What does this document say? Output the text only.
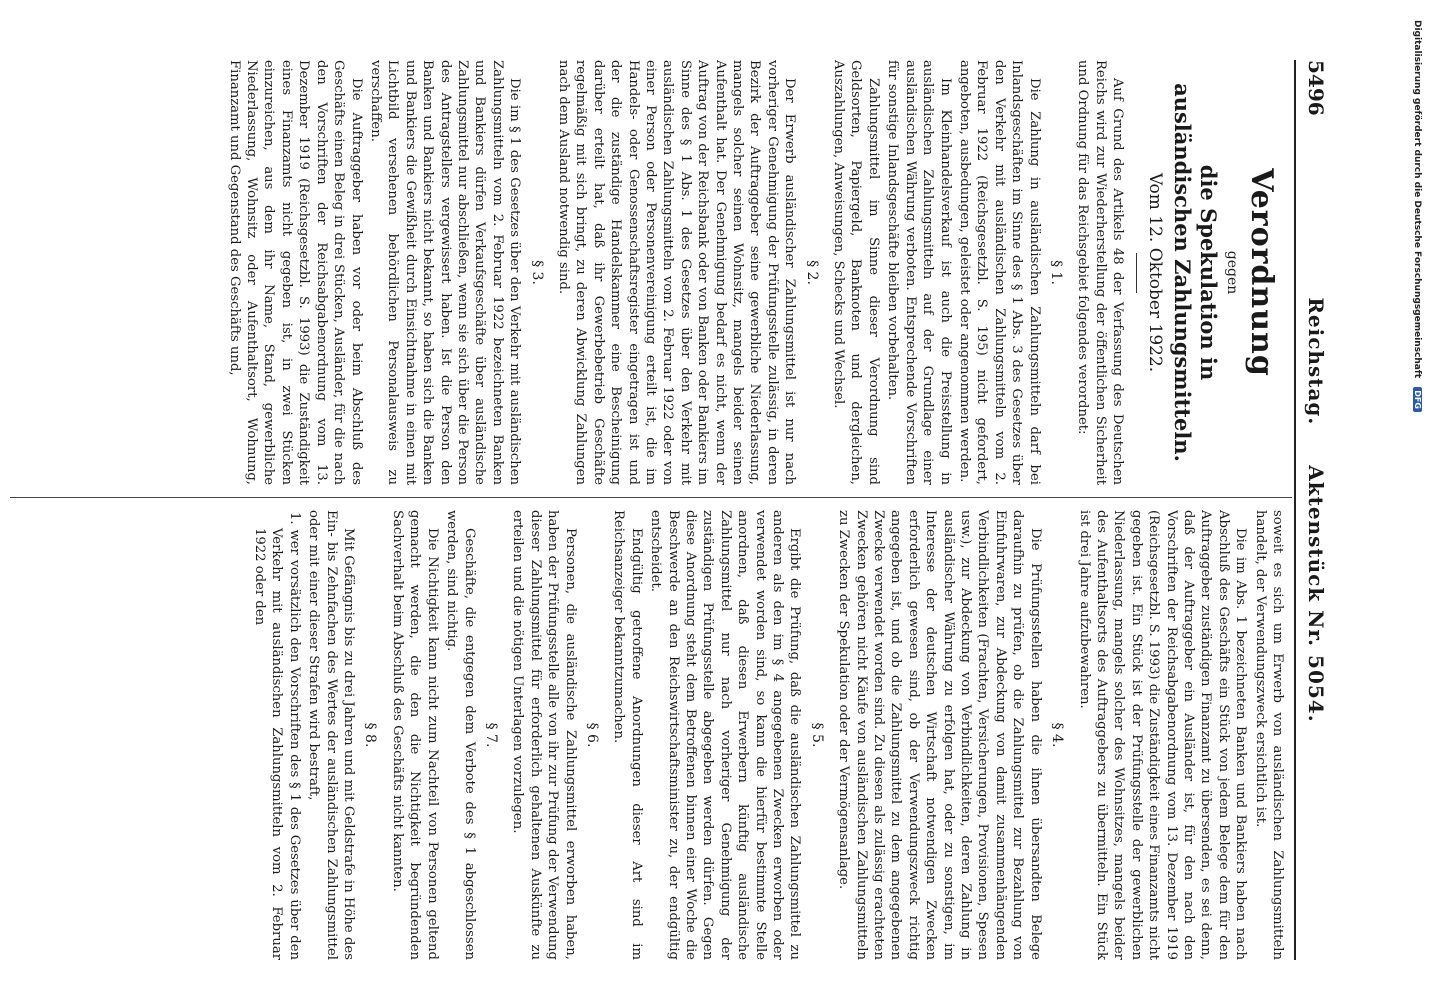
5496
Reichstag.     Aktenstück Nr. 5054.
Verordnung
gegen
die Spekulation in ausländischen Zahlungsmitteln.
Vom 12. Oktober 1922.

Auf Grund des Artikels 48 der Verfassung des Deutschen Reichs wird zur Wiederherstellung der öffentlichen Sicherheit und Ordnung für das Reichsgebiet folgendes verordnet:

§ 1.

Die Zahlung in ausländischen Zahlungsmitteln darf bei Inlandsgeschäften im Sinne des § 1 Abs. 3 des Gesetzes über den Verkehr mit ausländischen Zahlungsmitteln vom 2. Februar 1922 (Reichsgesetzbl. S. 195) nicht gefordert, angeboten, ausbedungen, geleistet oder angenommen werden.

Im Kleinhandelsverkauf ist auch die Preisstellung in ausländischen Zahlungsmitteln auf der Grundlage einer ausländischen Währung verboten. Entsprechende Vorschriften für sonstige Inlandsgeschäfte bleiben vorbehalten.

Zahlungsmittel im Sinne dieser Verordnung sind Geldsorten, Papiergeld, Banknoten und dergleichen, Auszahlungen, Anweisungen, Schecks und Wechsel.

§ 2.

Der Erwerb ausländischer Zahlungsmittel ist nur nach vorheriger Genehmigung der Prüfungsstelle zulässig, in deren Bezirk der Auftraggeber seine gewerbliche Niederlassung, mangels solcher seinen Wohnsitz, mangels beider seinen Aufenthalt hat. Der Genehmigung bedarf es nicht, wenn der Auftrag von der Reichsbank oder von Banken oder Bankiers im Sinne des § 1 Abs. 1 des Gesetzes über den Verkehr mit ausländischen Zahlungsmitteln vom 2. Februar 1922 oder von einer Person oder Personenvereinigung erteilt ist, die im Handels- oder Genossenschaftsregister eingetragen ist und der die zuständige Handelskammer eine Bescheinigung darüber erteilt hat, daß ihr Gewerbebetrieb Geschäfte regelmäßig mit sich bringt, zu deren Abwicklung Zahlungen nach dem Ausland notwendig sind.

§ 3.

Die im § 1 des Gesetzes über den Verkehr mit ausländischen Zahlungsmitteln vom 2. Februar 1922 bezeichneten Banken und Bankiers dürfen Verkaufsgeschäfte über ausländische Zahlungsmittel nur abschließen, wenn sie sich über die Person des Antragstellers vergewissert haben. Ist die Person den Banken und Bankiers nicht bekannt, so haben sich die Banken und Bankiers die Gewißheit durch Einsichtnahme in einen mit Lichtbild versehenen behördlichen Personalausweis zu verschaffen.

Die Auftraggeber haben vor oder beim Abschluß des Geschäfts einen Beleg in drei Stücken, Ausländer, für die nach den Vorschriften der Reichsabgabenordnung vom 13. Dezember 1919 (Reichsgesetzbl. S. 1993) die Zuständigkeit eines Finanzamts nicht gegeben ist, in zwei Stücken einzureichen, aus dem ihr Name, Stand, gewerbliche Niederlassung, Wohnsitz oder Aufenthaltsort, Wohnung, Finanzamt und Gegenstand des Geschäfts und,

soweit es sich um Erwerb von ausländischen Zahlungsmitteln handelt, der Verwendungszweck ersichtlich ist.

Die im Abs. 1 bezeichneten Banken und Bankiers haben nach Abschluß des Geschäfts ein Stück von jedem Belege dem für den Auftraggeber zuständigen Finanzamt zu übersenden, es sei denn, daß der Auftraggeber ein Ausländer ist, für den nach den Vorschriften der Reichsabgabenordnung vom 13. Dezember 1919 (Reichsgesetzbl. S. 1993) die Zuständigkeit eines Finanzamts nicht gegeben ist. Ein Stück ist der Prüfungsstelle der gewerblichen Niederlassung, mangels solcher des Wohnsitzes, mangels beider des Aufenthaltsorts des Auftraggebers zu übermitteln. Ein Stück ist drei Jahre aufzubewahren.

§ 4.

Die Prüfungsstellen haben die ihnen übersandten Belege daraufhin zu prüfen, ob die Zahlungsmittel zur Bezahlung von Einfuhrwaren, zur Abdeckung von damit zusammenhängenden Verbindlichkeiten (Frachten, Versicherungen, Provisionen, Spesen usw.), zur Abdeckung von Verbindlichkeiten, deren Zahlung in ausländischer Währung zu erfolgen hat, oder zu sonstigen, im Interesse der deutschen Wirtschaft notwendigen Zwecken erforderlich gewesen sind, ob der Verwendungszweck richtig angegeben ist, und ob die Zahlungsmittel zu dem angegebenen Zwecke verwendet worden sind. Zu diesen als zulässig erachteten Zwecken gehören nicht Käufe von ausländischen Zahlungsmitteln zu Zwecken der Spekulation oder der Vermögensanlage.

§ 5.

Ergibt die Prüfung, daß die ausländischen Zahlungsmittel zu anderen als den im § 4 angegebenen Zwecken erworben oder verwendet worden sind, so kann die hierfür bestimmte Stelle anordnen, daß diesen Erwerbern künftig ausländische Zahlungsmittel nur nach vorheriger Genehmigung der zuständigen Prüfungsstelle abgegeben werden dürfen. Gegen diese Anordnung steht dem Betroffenen binnen einer Woche die Beschwerde an den Reichswirtschaftsminister zu, der endgültig entscheidet.

Endgültig getroffene Anordnungen dieser Art sind im Reichsanzeiger bekanntzumachen.

§ 6.

Personen, die ausländische Zahlungsmittel erworben haben, haben der Prüfungsstelle alle von ihr zur Prüfung der Verwendung dieser Zahlungsmittel für erforderlich gehaltenen Auskünfte zu erteilen und die nötigen Unterlagen vorzulegen.

§ 7.

Geschäfte, die entgegen dem Verbote des § 1 abgeschlossen werden, sind nichtig.

Die Nichtigkeit kann nicht zum Nachteil von Personen geltend gemacht werden, die den die Nichtigkeit begründenden Sachverhalt beim Abschluß des Geschäfts nicht kannten.

§ 8.

Mit Gefängnis bis zu drei Jahren und mit Geldstrafe in Höhe des Ein- bis Zehnfachen des Wertes der ausländischen Zahlungsmittel oder mit einer dieser Strafen wird bestraft,

1. wer vorsätzlich den Vorschriften des § 1 des Gesetzes über den Verkehr mit ausländischen Zahlungsmitteln vom 2. Februar 1922 oder den

Digitalisierung gefördert durch die Deutsche Forschungsgemeinschaft DFG
